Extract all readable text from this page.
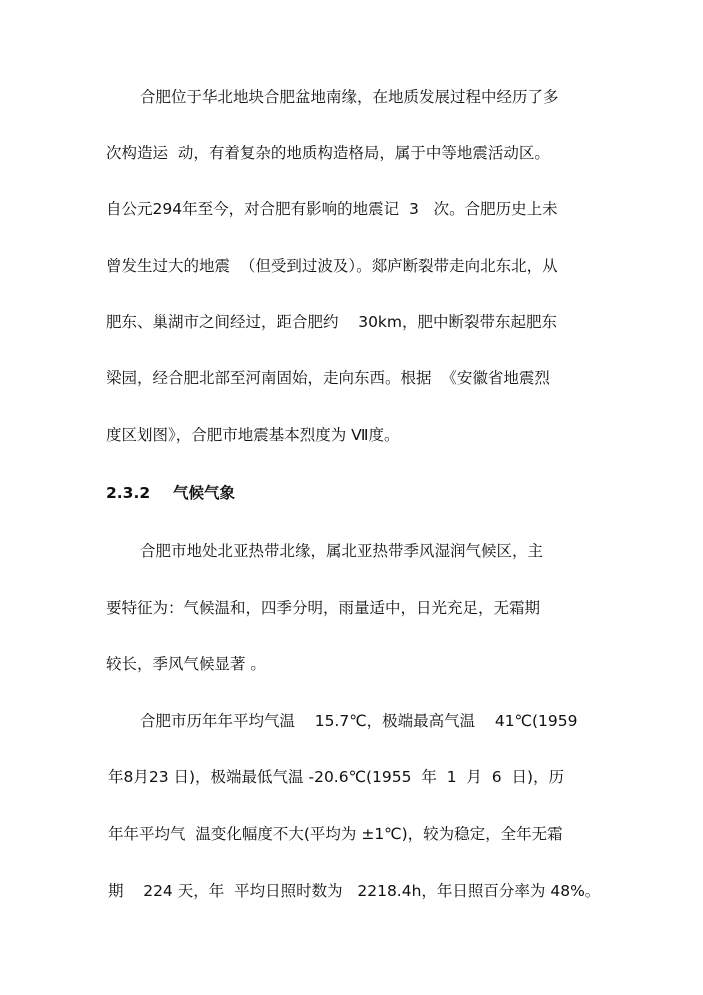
合肥位于华北地块合肥盆地南缘，在地质发展过程中经历了多
次构造运  动，有着复杂的地质构造格局，属于中等地震活动区。
自公元294年至今，对合肥有影响的地震记  3   次。合肥历史上未
曾发生过大的地震  （但受到过波及）。郯庐断裂带走向北东北，从
肥东、巢湖市之间经过，距合肥约    30km，肥中断裂带东起肥东
梁园，经合肥北部至河南固始，走向东西。根据  《安徽省地震烈
度区划图》，合肥市地震基本烈度为 Ⅶ度。
2.3.2 气候气象
合肥市地处北亚热带北缘，属北亚热带季风湿润气候区，主
要特征为：气候温和，四季分明，雨量适中，日光充足，无霜期
较长，季风气候显著 。
合肥市历年年平均气温    15.7℃，极端最高气温    41℃(1959
年8月23 日)，极端最低气温 -20.6℃(1955  年  1  月  6  日)，历
年年平均气  温变化幅度不大(平均为 ±1℃)，较为稳定，全年无霜
期    224 天，年  平均日照时数为   2218.4h，年日照百分率为 48%。
